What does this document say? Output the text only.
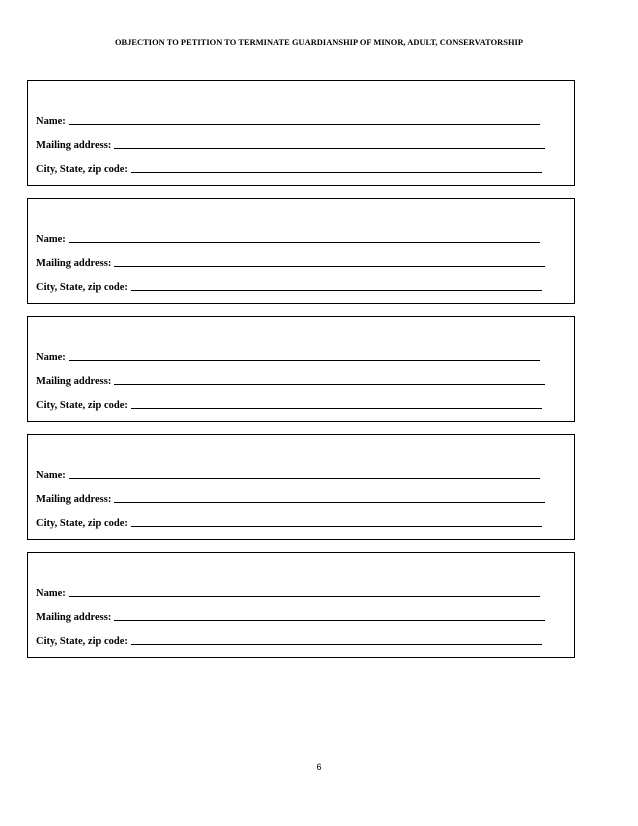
OBJECTION TO PETITION TO TERMINATE GUARDIANSHIP OF MINOR, ADULT, CONSERVATORSHIP
Name:
Mailing address:
City, State, zip code:
Name:
Mailing address:
City, State, zip code:
Name:
Mailing address:
City, State, zip code:
Name:
Mailing address:
City, State, zip code:
Name:
Mailing address:
City, State, zip code:
6
